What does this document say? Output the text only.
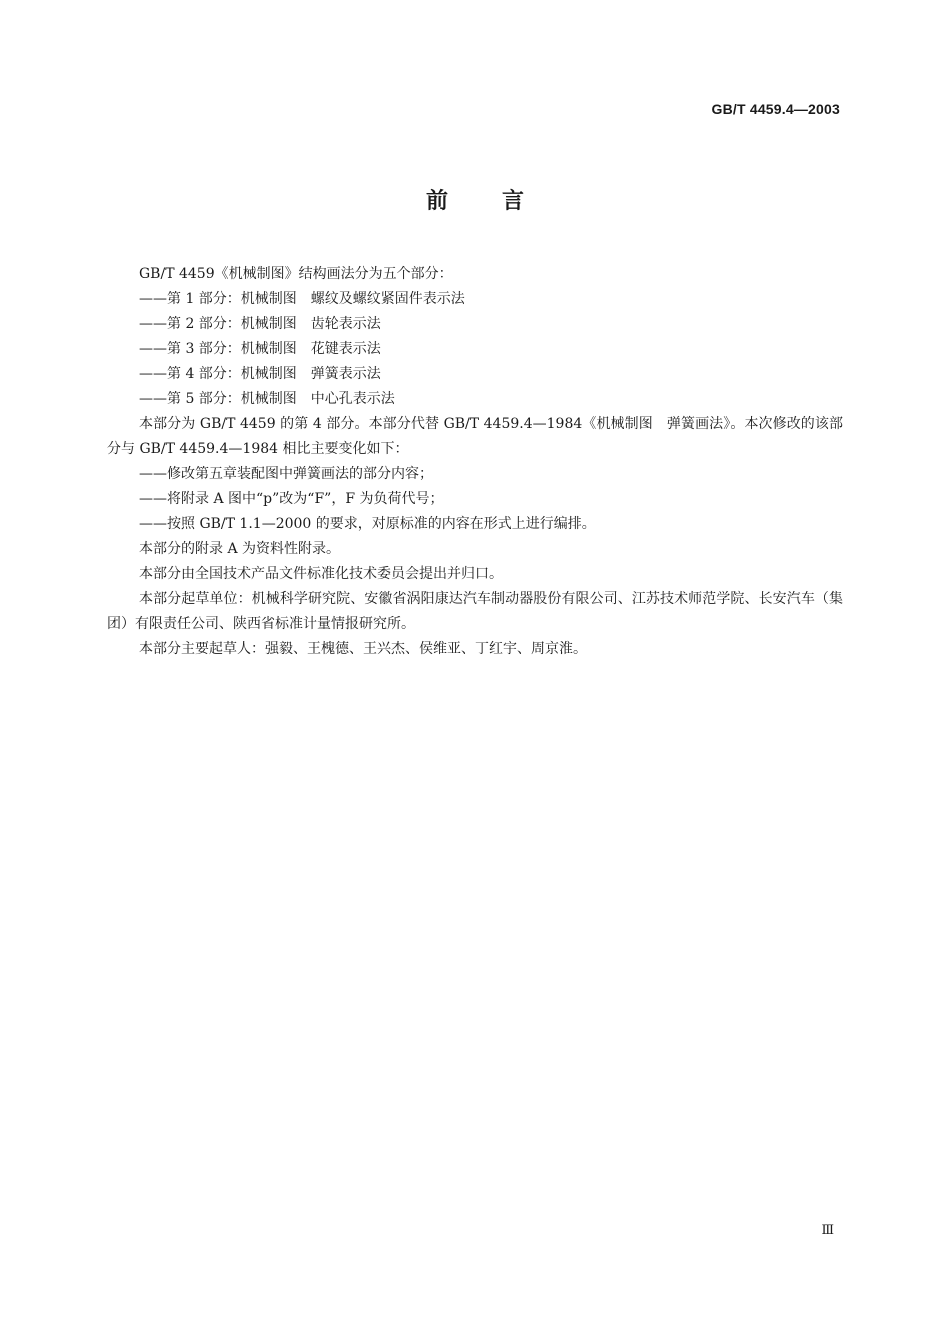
GB/T 4459.4—2003
前言

GB/T 4459《机械制图》结构画法分为五个部分：

——第 1 部分：机械制图　螺纹及螺纹紧固件表示法

——第 2 部分：机械制图　齿轮表示法

——第 3 部分：机械制图　花键表示法

——第 4 部分：机械制图　弹簧表示法

——第 5 部分：机械制图　中心孔表示法

本部分为 GB/T 4459 的第 4 部分。本部分代替 GB/T 4459.4—1984《机械制图　弹簧画法》。本次修改的该部分与 GB/T 4459.4—1984 相比主要变化如下：

——修改第五章装配图中弹簧画法的部分内容；

——将附录 A 图中“p”改为“F”，F 为负荷代号；

——按照 GB/T 1.1—2000 的要求，对原标准的内容在形式上进行编排。

本部分的附录 A 为资料性附录。

本部分由全国技术产品文件标准化技术委员会提出并归口。

本部分起草单位：机械科学研究院、安徽省涡阳康达汽车制动器股份有限公司、江苏技术师范学院、长安汽车（集团）有限责任公司、陕西省标准计量情报研究所。

本部分主要起草人：强毅、王槐德、王兴杰、侯维亚、丁红宇、周京淮。

Ⅲ
